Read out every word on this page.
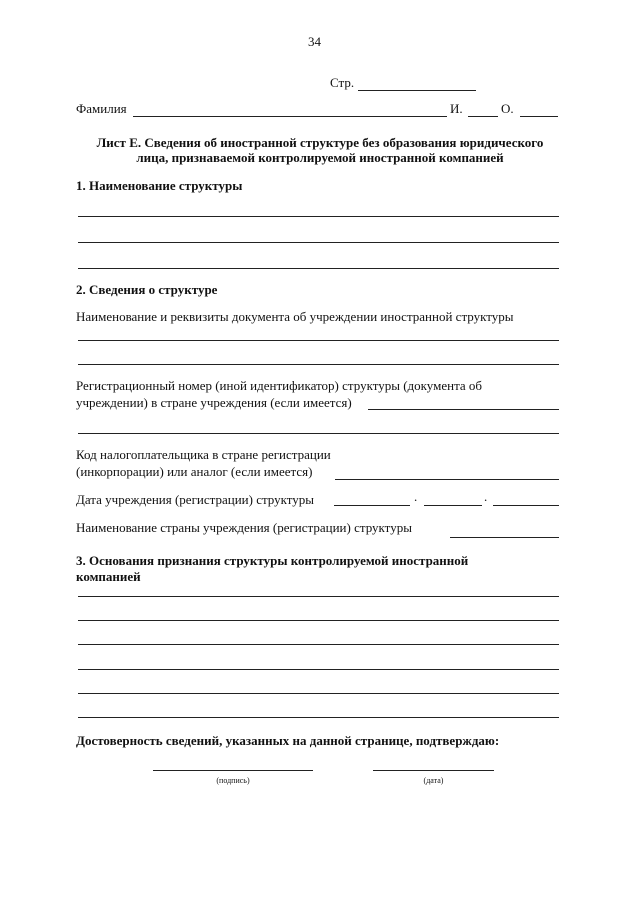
34
Стр.
Фамилия	И.	О.
Лист Е. Сведения об иностранной структуре без образования юридического
лица, признаваемой контролируемой иностранной компанией
1. Наименование структуры
2. Сведения о структуре
Наименование и реквизиты документа об учреждении иностранной структуры
Регистрационный номер (иной идентификатор) структуры (документа об
учреждении) в стране учреждения (если имеется)
Код налогоплательщика в стране регистрации
(инкорпорации) или аналог (если имеется)
Дата учреждения (регистрации) структуры	.	.
Наименование страны учреждения (регистрации) структуры
3. Основания признания структуры контролируемой иностранной
компанией
Достоверность сведений, указанных на данной странице, подтверждаю:
(подпись)	(дата)
